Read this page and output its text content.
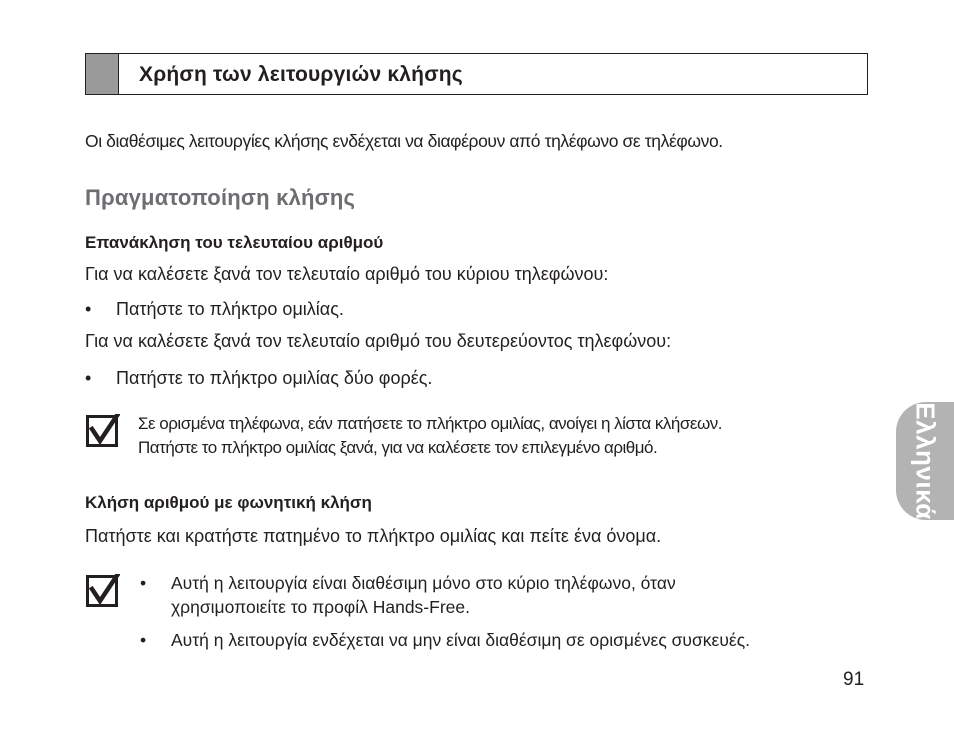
Χρήση των λειτουργιών κλήσης
Οι διαθέσιμες λειτουργίες κλήσης ενδέχεται να διαφέρουν από τηλέφωνο σε τηλέφωνο.
Πραγματοποίηση κλήσης
Επανάκληση του τελευταίου αριθμού
Για να καλέσετε ξανά τον τελευταίο αριθμό του κύριου τηλεφώνου:
• Πατήστε το πλήκτρο ομιλίας.
Για να καλέσετε ξανά τον τελευταίο αριθμό του δευτερεύοντος τηλεφώνου:
• Πατήστε το πλήκτρο ομιλίας δύο φορές.
Σε ορισμένα τηλέφωνα, εάν πατήσετε το πλήκτρο ομιλίας, ανοίγει η λίστα κλήσεων.
Πατήστε το πλήκτρο ομιλίας ξανά, για να καλέσετε τον επιλεγμένο αριθμό.
Κλήση αριθμού με φωνητική κλήση
Πατήστε και κρατήστε πατημένο το πλήκτρο ομιλίας και πείτε ένα όνομα.
• Αυτή η λειτουργία είναι διαθέσιμη μόνο στο κύριο τηλέφωνο, όταν
χρησιμοποιείτε το προφίλ Hands-Free.
• Αυτή η λειτουργία ενδέχεται να μην είναι διαθέσιμη σε ορισμένες συσκευές.
Ελληνικά
91
